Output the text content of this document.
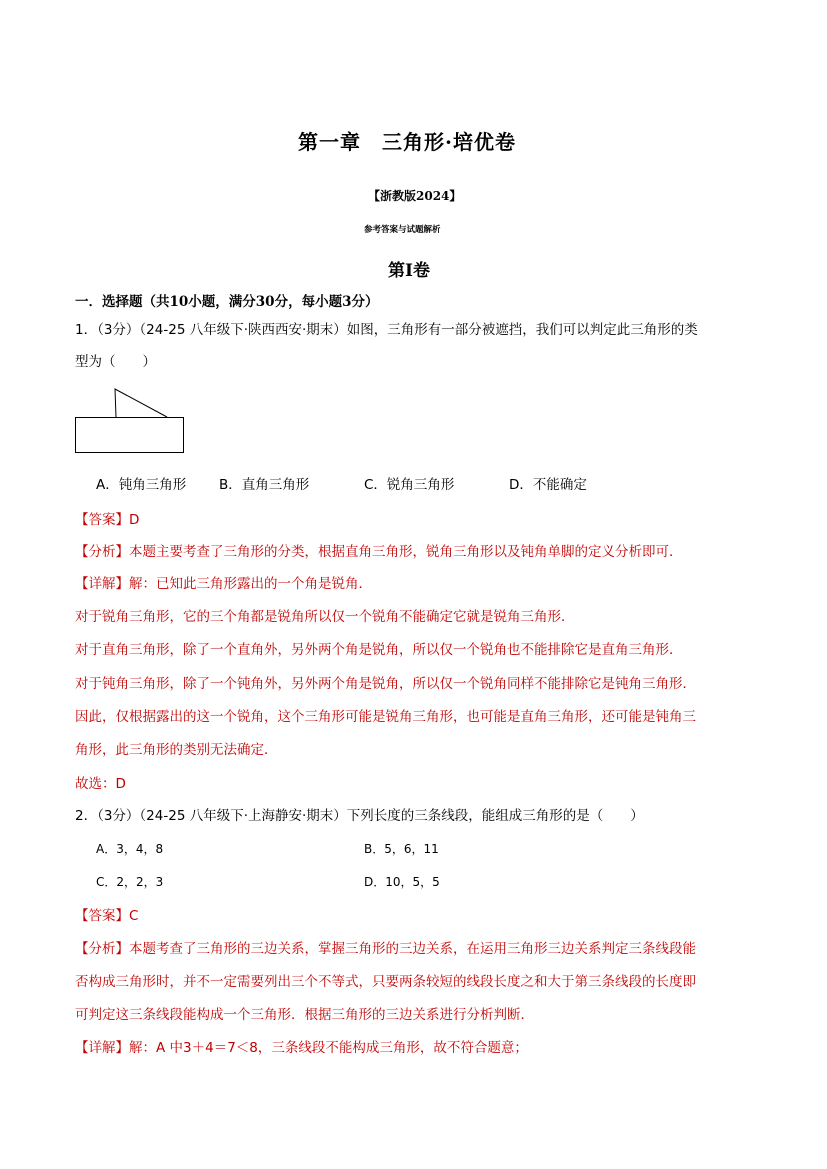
第一章　三角形·培优卷
【浙教版2024】
参考答案与试题解析
第I卷
一．选择题（共10小题，满分30分，每小题3分）
1．（3分）（24-25 八年级下·陕西西安·期末）如图，三角形有一部分被遮挡，我们可以判定此三角形的类
型为（　　）
A．钝角三角形 B．直角三角形	C．锐角三角形	D．不能确定
【答案】D
【分析】本题主要考查了三角形的分类，根据直角三角形，锐角三角形以及钝角单脚的定义分析即可．
【详解】解：已知此三角形露出的一个角是锐角．
对于锐角三角形，它的三个角都是锐角所以仅一个锐角不能确定它就是锐角三角形．
对于直角三角形，除了一个直角外，另外两个角是锐角，所以仅一个锐角也不能排除它是直角三角形．
对于钝角三角形，除了一个钝角外，另外两个角是锐角，所以仅一个锐角同样不能排除它是钝角三角形．
因此，仅根据露出的这一个锐角，这个三角形可能是锐角三角形，也可能是直角三角形，还可能是钝角三
角形，此三角形的类别无法确定．
故选：D
2．（3分）（24-25 八年级下·上海静安·期末）下列长度的三条线段，能组成三角形的是（　　）
A．3，4，8	B．5，6，11
C．2，2，3	D．10，5，5
【答案】C
【分析】本题考查了三角形的三边关系，掌握三角形的三边关系，在运用三角形三边关系判定三条线段能
否构成三角形时，并不一定需要列出三个不等式，只要两条较短的线段长度之和大于第三条线段的长度即
可判定这三条线段能构成一个三角形．根据三角形的三边关系进行分析判断．
【详解】解：A 中3＋4＝7＜8，三条线段不能构成三角形，故不符合题意；
